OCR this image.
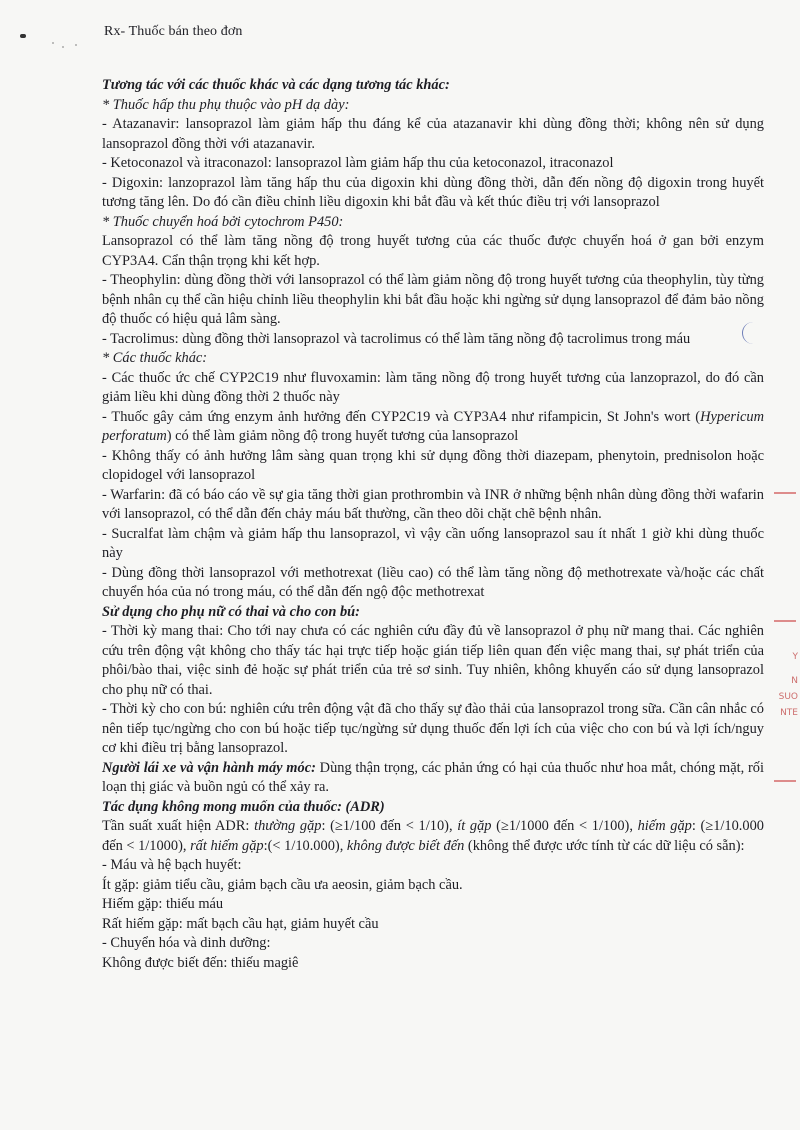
Rx- Thuốc bán theo đơn

Tương tác với các thuốc khác và các dạng tương tác khác:

* Thuốc hấp thu phụ thuộc vào pH dạ dày:

- Atazanavir: lansoprazol làm giảm hấp thu đáng kể của atazanavir khi dùng đồng thời; không nên sử dụng lansoprazol đồng thời với atazanavir.

- Ketoconazol và itraconazol: lansoprazol làm giảm hấp thu của ketoconazol, itraconazol

- Digoxin: lanzoprazol làm tăng hấp thu của digoxin khi dùng đồng thời, dẫn đến nồng độ digoxin trong huyết tương tăng lên. Do đó cần điều chỉnh liều digoxin khi bắt đầu và kết thúc điều trị với lansoprazol

* Thuốc chuyển hoá bởi cytochrom P450:

Lansoprazol có thể làm tăng nồng độ trong huyết tương của các thuốc được chuyển hoá ở gan bởi enzym CYP3A4. Cẩn thận trọng khi kết hợp.

- Theophylin: dùng đồng thời với lansoprazol có thể làm giảm nồng độ trong huyết tương của theophylin, tùy từng bệnh nhân cụ thể cần hiệu chỉnh liều theophylin khi bắt đầu hoặc khi ngừng sử dụng lansoprazol để đảm bảo nồng độ thuốc có hiệu quả lâm sàng.

- Tacrolimus: dùng đồng thời lansoprazol và tacrolimus có thể làm tăng nồng độ tacrolimus trong máu

* Các thuốc khác:

- Các thuốc ức chế CYP2C19 như fluvoxamin: làm tăng nồng độ trong huyết tương của lanzoprazol, do đó cần giảm liều khi dùng đồng thời 2 thuốc này

- Thuốc gây cảm ứng enzym ảnh hưởng đến CYP2C19 và CYP3A4 như rifampicin, St John's wort (Hypericum perforatum) có thể làm giảm nồng độ trong huyết tương của lansoprazol

- Không thấy có ảnh hưởng lâm sàng quan trọng khi sử dụng đồng thời diazepam, phenytoin, prednisolon hoặc clopidogel với lansoprazol

- Warfarin: đã có báo cáo về sự gia tăng thời gian prothrombin và INR ở những bệnh nhân dùng đồng thời wafarin với lansoprazol, có thể dẫn đến chảy máu bất thường, cần theo dõi chặt chẽ bệnh nhân.

- Sucralfat làm chậm và giảm hấp thu lansoprazol, vì vậy cần uống lansoprazol sau ít nhất 1 giờ khi dùng thuốc này

- Dùng đồng thời lansoprazol với methotrexat (liều cao) có thể làm tăng nồng độ methotrexate và/hoặc các chất chuyển hóa của nó trong máu, có thể dẫn đến ngộ độc methotrexat

Sử dụng cho phụ nữ có thai và cho con bú:

- Thời kỳ mang thai: Cho tới nay chưa có các nghiên cứu đầy đủ về lansoprazol ở phụ nữ mang thai. Các nghiên cứu trên động vật không cho thấy tác hại trực tiếp hoặc gián tiếp liên quan đến việc mang thai, sự phát triển của phôi/bào thai, việc sinh đẻ hoặc sự phát triển của trẻ sơ sinh. Tuy nhiên, không khuyến cáo sử dụng lansoprazol cho phụ nữ có thai.

- Thời kỳ cho con bú: nghiên cứu trên động vật đã cho thấy sự đào thải của lansoprazol trong sữa. Cần cân nhắc có nên tiếp tục/ngừng cho con bú hoặc tiếp tục/ngừng sử dụng thuốc đến lợi ích của việc cho con bú và lợi ích/nguy cơ khi điều trị bằng lansoprazol.

Người lái xe và vận hành máy móc: Dùng thận trọng, các phản ứng có hại của thuốc như hoa mắt, chóng mặt, rối loạn thị giác và buồn ngủ có thể xảy ra.

Tác dụng không mong muốn của thuốc: (ADR)

Tần suất xuất hiện ADR: thường gặp: (≥1/100 đến < 1/10), ít gặp (≥1/1000 đến < 1/100), hiếm gặp: (≥1/10.000 đến < 1/1000), rất hiếm gặp:(< 1/10.000), không được biết đến (không thể được ước tính từ các dữ liệu có sẵn):

- Máu và hệ bạch huyết:

Ít gặp: giảm tiểu cầu, giảm bạch cầu ưa aeosin, giảm bạch cầu.

Hiếm gặp: thiếu máu

Rất hiếm gặp: mất bạch cầu hạt, giảm huyết cầu

- Chuyển hóa và dinh dưỡng:

Không được biết đến: thiếu magiê

Y
N
SUO
NTE
